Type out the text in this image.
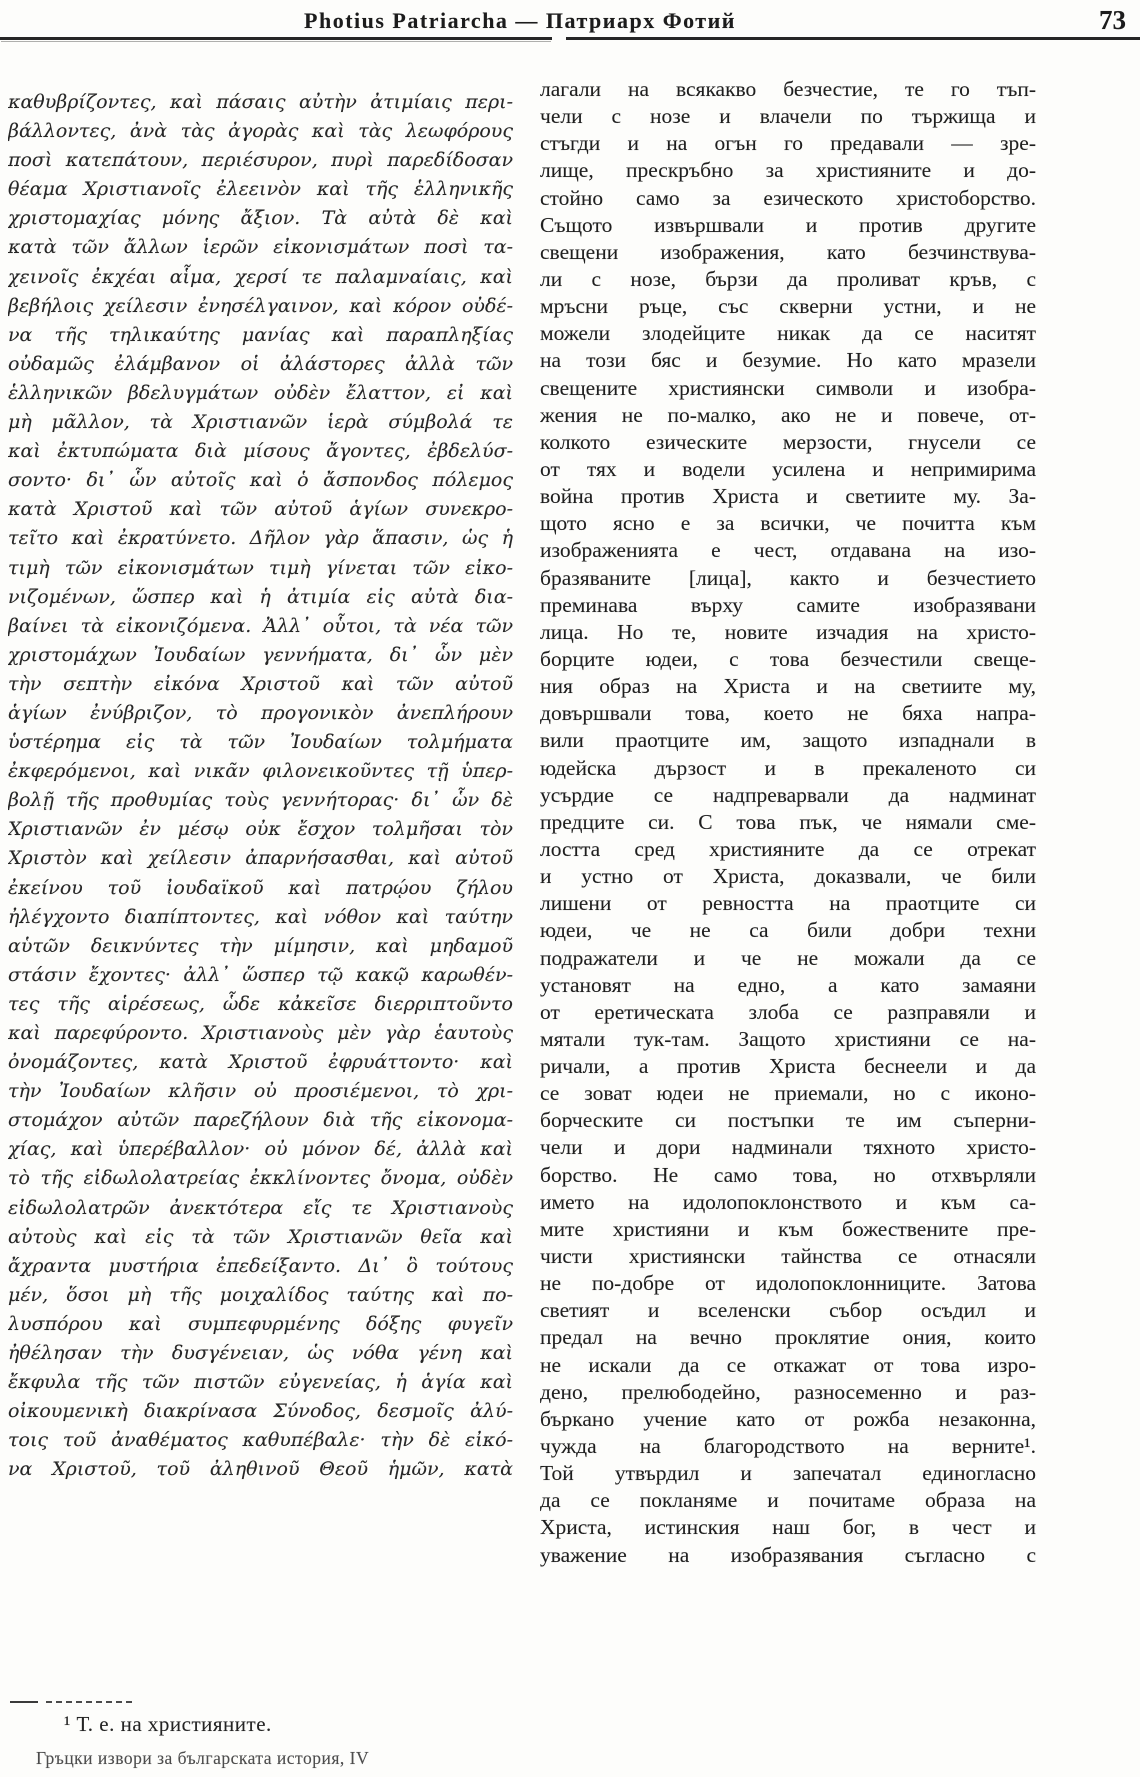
Photius Patriarcha — Патриарх Фотий	73
καθυβρίζοντες, καὶ πάσαις αὐτὴν ἀτιμίαις περι-
βάλλοντες, ἀνὰ τὰς ἀγορὰς καὶ τὰς λεωφόρους
ποσὶ κατεπάτουν, περιέσυρον, πυρὶ παρεδίδοσαν
θέαμα Χριστιανοῖς ἐλεεινὸν καὶ τῆς ἑλληνικῆς
χριστομαχίας μόνης ἄξιον. Τὰ αὐτὰ δὲ καὶ
κατὰ τῶν ἄλλων ἱερῶν εἰκονισμάτων ποσὶ τα-
χεινοῖς ἐκχέαι αἷμα, χερσί τε παλαμναίαις, καὶ
βεβήλοις χείλεσιν ἐνησέλγαινον, καὶ κόρον οὐδέ-
να τῆς τηλικαύτης μανίας καὶ παραπληξίας
οὐδαμῶς ἐλάμβανον οἱ ἀλάστορες ἀλλὰ τῶν
ἑλληνικῶν βδελυγμάτων οὐδὲν ἔλαττον, εἰ καὶ
μὴ μᾶλλον, τὰ Χριστιανῶν ἱερὰ σύμβολά τε
καὶ ἐκτυπώματα διὰ μίσους ἄγοντες, ἐβδελύσ-
σοντο· δι᾽ ὧν αὐτοῖς καὶ ὁ ἄσπονδος πόλεμος
κατὰ Χριστοῦ καὶ τῶν αὐτοῦ ἁγίων συνεκρο-
τεῖτο καὶ ἐκρατύνετο. Δῆλον γὰρ ἅπασιν, ὡς ἡ
τιμὴ τῶν εἰκονισμάτων τιμὴ γίνεται τῶν εἰκο-
νιζομένων, ὥσπερ καὶ ἡ ἀτιμία εἰς αὐτὰ δια-
βαίνει τὰ εἰκονιζόμενα. Ἀλλ᾽ οὗτοι, τὰ νέα τῶν
χριστομάχων Ἰουδαίων γεννήματα, δι᾽ ὧν μὲν
τὴν σεπτὴν εἰκόνα Χριστοῦ καὶ τῶν αὐτοῦ
ἁγίων ἐνύβριζον, τὸ προγονικὸν ἀνεπλήρουν
ὑστέρημα εἰς τὰ τῶν Ἰουδαίων τολμήματα
ἐκφερόμενοι, καὶ νικᾶν φιλονεικοῦντες τῇ ὑπερ-
βολῇ τῆς προθυμίας τοὺς γεννήτορας· δι᾽ ὧν δὲ
Χριστιανῶν ἐν μέσῳ οὐκ ἔσχον τολμῆσαι τὸν
Χριστὸν καὶ χείλεσιν ἀπαρνήσασθαι, καὶ αὐτοῦ
ἐκείνου τοῦ ἰουδαϊκοῦ καὶ πατρῴου ζήλου
ἠλέγχοντο διαπίπτοντες, καὶ νόθον καὶ ταύτην
αὑτῶν δεικνύντες τὴν μίμησιν, καὶ μηδαμοῦ
στάσιν ἔχοντες· ἀλλ᾽ ὥσπερ τῷ κακῷ καρωθέν-
τες τῆς αἱρέσεως, ὧδε κἀκεῖσε διερριπτοῦντο
καὶ παρεφύροντο. Χριστιανοὺς μὲν γὰρ ἑαυτοὺς
ὀνομάζοντες, κατὰ Χριστοῦ ἐφρυάττοντο· καὶ
τὴν Ἰουδαίων κλῆσιν οὐ προσιέμενοι, τὸ χρι-
στομάχον αὐτῶν παρεζήλουν διὰ τῆς εἰκονομα-
χίας, καὶ ὑπερέβαλλον· οὐ μόνον δέ, ἀλλὰ καὶ
τὸ τῆς εἰδωλολατρείας ἐκκλίνοντες ὄνομα, οὐδὲν
εἰδωλολατρῶν ἀνεκτότερα εἴς τε Χριστιανοὺς
αὐτοὺς καὶ εἰς τὰ τῶν Χριστιανῶν θεῖα καὶ
ἄχραντα μυστήρια ἐπεδείξαντο. Δι᾽ ὃ τούτους
μέν, ὅσοι μὴ τῆς μοιχαλίδος ταύτης καὶ πο-
λυσπόρου καὶ συμπεφυρμένης δόξης φυγεῖν
ἠθέλησαν τὴν δυσγένειαν, ὡς νόθα γένη καὶ
ἔκφυλα τῆς τῶν πιστῶν εὐγενείας, ἡ ἁγία καὶ
οἰκουμενικὴ διακρίνασα Σύνοδος, δεσμοῖς ἀλύ-
τοις τοῦ ἀναθέματος καθυπέβαλε· τὴν δὲ εἰκό-
να Χριστοῦ, τοῦ ἀληθινοῦ Θεοῦ ἡμῶν, κατὰ
лагали на всякакво безчестие, те го тъп-
чели с нозе и влачели по тържища и
стъгди и на огън го предавали — зре-
лище, прескръбно за християните и до-
стойно само за езическото христоборство.
Същото извършвали и против другите
свещени изображения, като безчинствува-
ли с нозе, бързи да проливат кръв, с
мръсни ръце, със скверни устни, и не
можели злодейците никак да се наситят
на този бяс и безумие. Но като мразели
свещените християнски символи и изобра-
жения не по-малко, ако не и повече, от-
колкото езическите мерзости, гнусели се
от тях и водели усилена и непримирима
война против Христа и светиите му. За-
щото ясно е за всички, че почитта към
изображенията е чест, отдавана на изо-
бразяваните [лица], както и безчестието
преминава върху самите изобразявани
лица. Но те, новите изчадия на христо-
борците юдеи, с това безчестили свеще-
ния образ на Христа и на светиите му,
довършвали това, което не бяха напра-
вили праотците им, защото изпаднали в
юдейска дързост и в прекаленото си
усърдие се надпреварвали да надминат
предците си. С това пък, че нямали сме-
лостта сред християните да се отрекат
и устно от Христа, доказвали, че били
лишени от ревността на праотците си
юдеи, че не са били добри техни
подражатели и че не можали да се
установят на едно, а като замаяни
от еретическата злоба се разправяли и
мятали тук-там. Защото християни се на-
ричали, а против Христа беснеели и да
се зоват юдеи не приемали, но с иконо-
борческите си постъпки те им съперни-
чели и дори надминали тяхното христо-
борство. Не само това, но отхвърляли
името на идолопоклонството и към са-
мите християни и към божествените пре-
чисти християнски тайнства се отнасяли
не по-добре от идолопоклонниците. Затова
светият и вселенски събор осъдил и
предал на вечно проклятие ония, които
не искали да се откажат от това изро-
дено, прелюбодейно, разносеменно и раз-
бъркано учение като от рожба незаконна,
чужда на благородството на верните¹.
Той утвърдил и запечатал единогласно
да се покланяме и почитаме образа на
Христа, истинския наш бог, в чест и
уважение на изобразявания съгласно с
¹ Т. е. на християните.
Гръцки извори за българската история, IV
